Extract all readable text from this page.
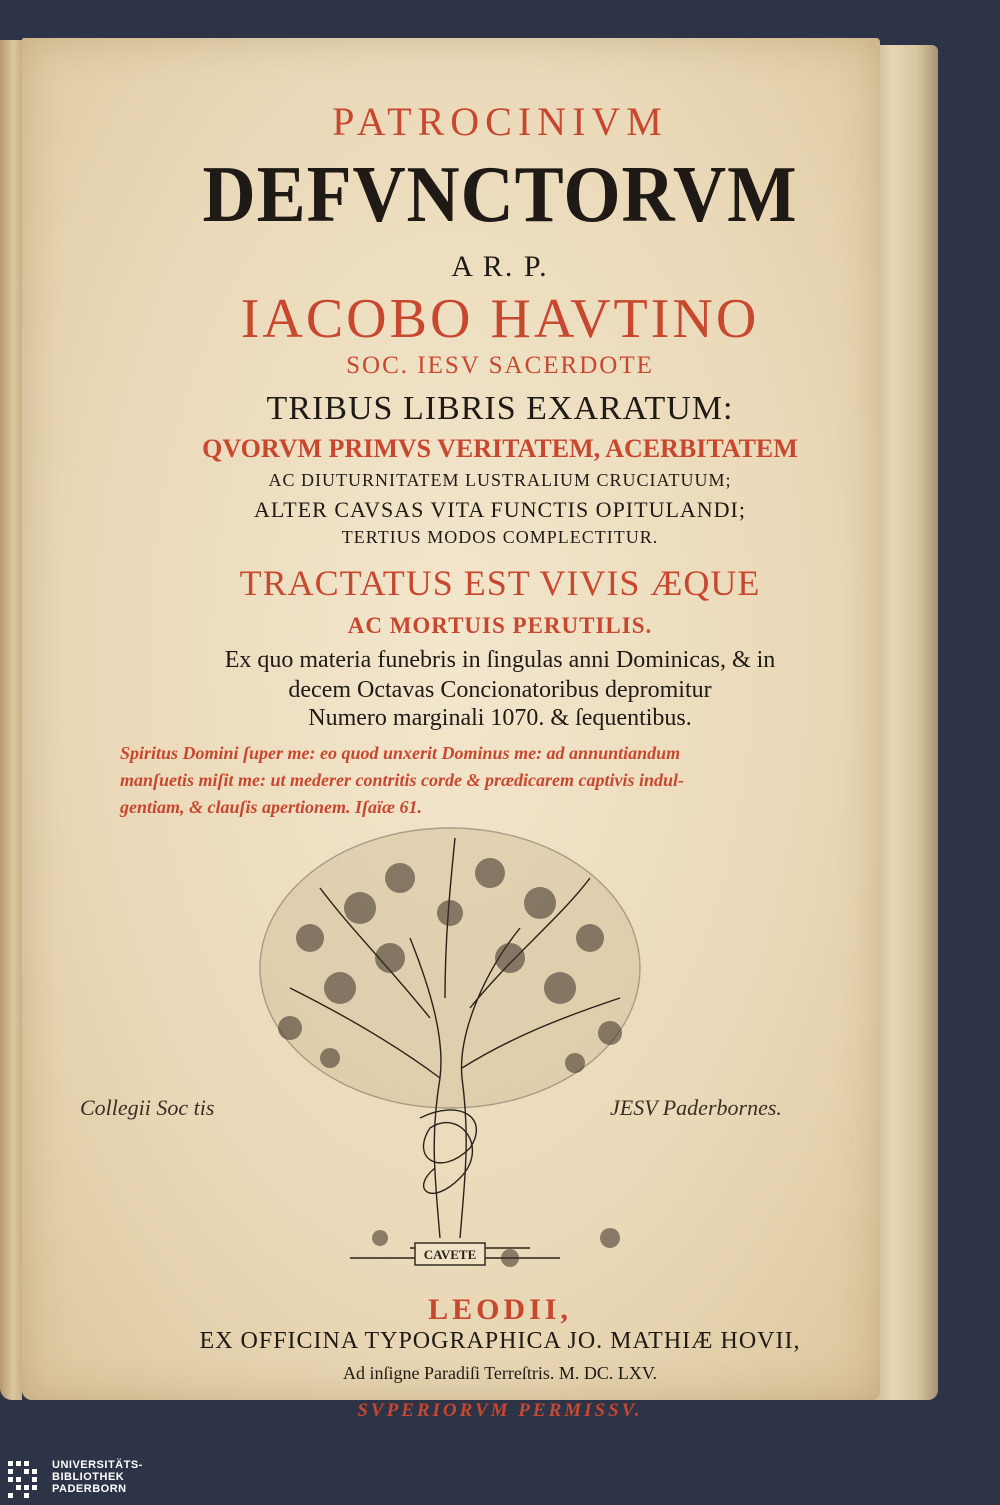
PATROCINIVM
DEFVNCTORVM
A R. P.
IACOBO HAVTINO
SOC. IESV SACERDOTE
TRIBUS LIBRIS EXARATUM:
QVORVM PRIMVS VERITATEM, ACERBITATEM
AC DIUTURNITATEM LUSTRALIUM CRUCIATUUM;
ALTER CAVSAS VITA FUNCTIS OPITULANDI;
TERTIUS MODOS COMPLECTITUR.
TRACTATUS EST VIVIS ÆQUE
AC MORTUIS PERUTILIS.
Ex quo materia funebris in ſingulas anni Dominicas, & in
decem Octavas Concionatoribus depromitur
Numero marginali 1070. & ſequentibus.
Spiritus Domini ſuper me: eo quod unxerit Dominus me: ad annuntiandum
manſuetis miſit me: ut mederer contritis corde & prædicarem captivis indul-
gentiam, & clauſis apertionem. Iſaïæ 61.
CAVETE
Collegii Soc tis	JESV Paderbornes.
LEODII,
EX OFFICINA TYPOGRAPHICA JO. MATHIÆ HOVII,
Ad inſigne Paradiſi Terreſtris. M. DC. LXV.
SVPERIORVM PERMISSV.
UNIVERSITÄTS-
BIBLIOTHEK
PADERBORN
